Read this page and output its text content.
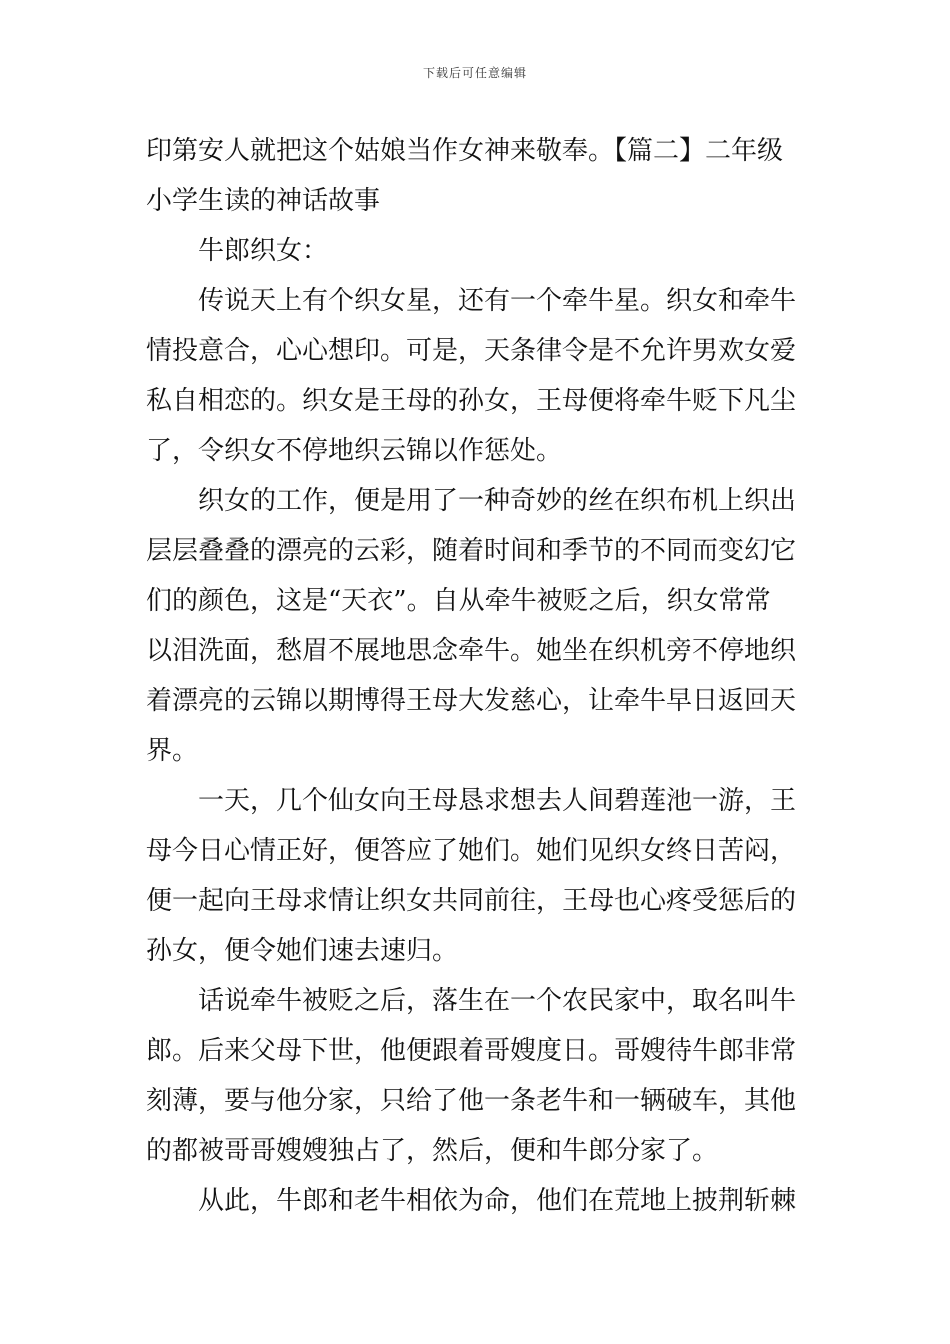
下载后可任意编辑
印第安人就把这个姑娘当作女神来敬奉。【篇二】二年级
小学生读的神话故事
牛郎织女：
传说天上有个织女星，还有一个牵牛星。织女和牵牛
情投意合，心心想印。可是，天条律令是不允许男欢女爱
私自相恋的。织女是王母的孙女，王母便将牵牛贬下凡尘
了，令织女不停地织云锦以作惩处。
织女的工作，便是用了一种奇妙的丝在织布机上织出
层层叠叠的漂亮的云彩，随着时间和季节的不同而变幻它
们的颜色，这是“天衣”。自从牵牛被贬之后，织女常常
以泪洗面，愁眉不展地思念牵牛。她坐在织机旁不停地织
着漂亮的云锦以期博得王母大发慈心，让牵牛早日返回天
界。
一天，几个仙女向王母恳求想去人间碧莲池一游，王
母今日心情正好，便答应了她们。她们见织女终日苦闷，
便一起向王母求情让织女共同前往，王母也心疼受惩后的
孙女，便令她们速去速归。
话说牵牛被贬之后，落生在一个农民家中，取名叫牛
郎。后来父母下世，他便跟着哥嫂度日。哥嫂待牛郎非常
刻薄，要与他分家，只给了他一条老牛和一辆破车，其他
的都被哥哥嫂嫂独占了，然后，便和牛郎分家了。
从此，牛郎和老牛相依为命，他们在荒地上披荆斩棘
